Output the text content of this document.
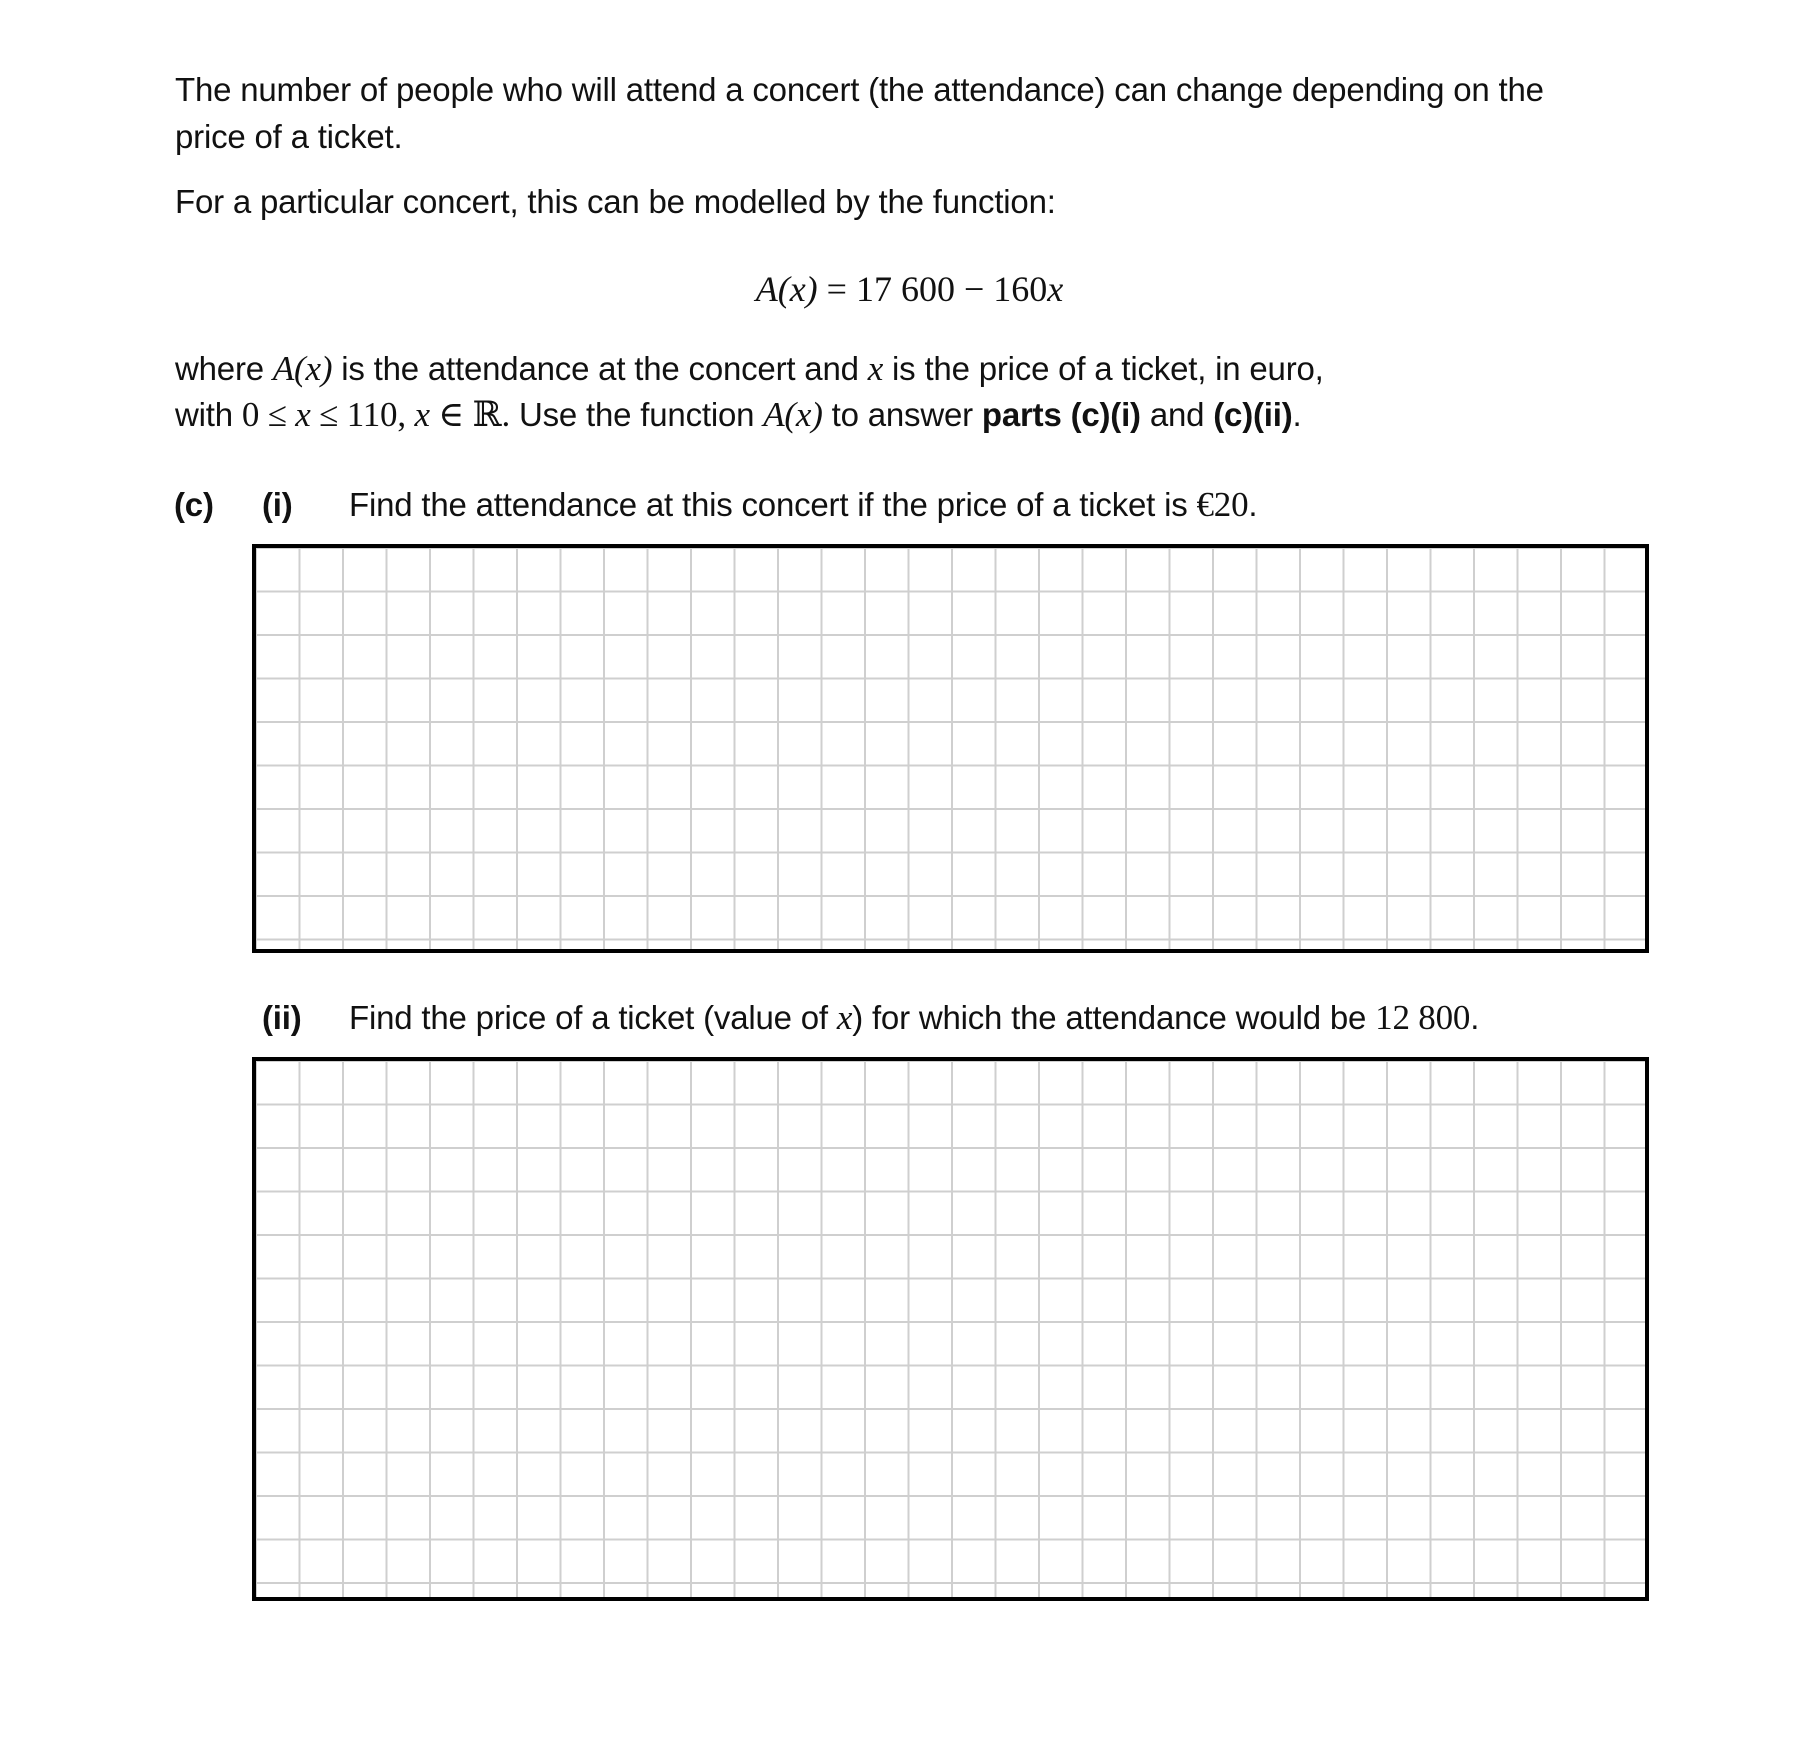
The number of people who will attend a concert (the attendance) can change depending on the
price of a ticket.
For a particular concert, this can be modelled by the function:
A(x) = 17 600 − 160x
where A(x) is the attendance at the concert and x is the price of a ticket, in euro,
with 0 ≤ x ≤ 110, x ∈ ℝ. Use the function A(x) to answer parts (c)(i) and (c)(ii).
(c) (i) Find the attendance at this concert if the price of a ticket is €20.
(ii) Find the price of a ticket (value of x) for which the attendance would be 12 800.
